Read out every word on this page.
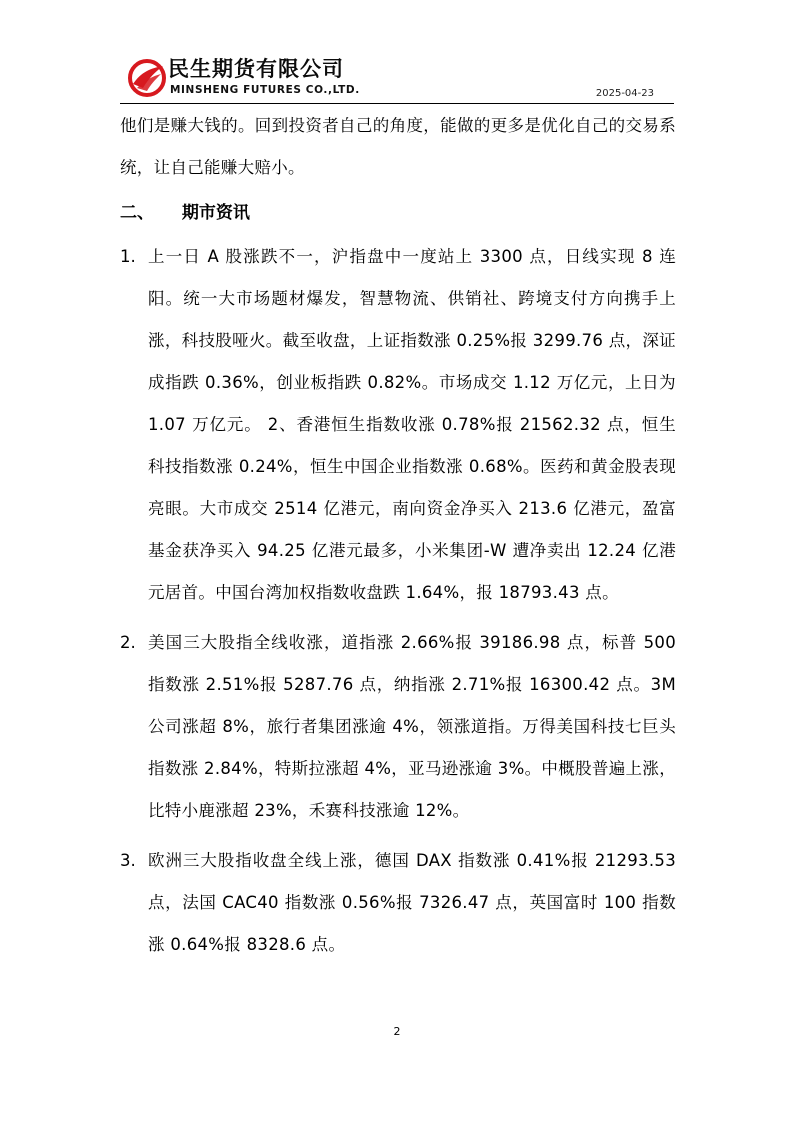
民生期货有限公司
MINSHENG FUTURES CO.,LTD.	2025-04-23

他们是赚大钱的。回到投资者自己的角度，能做的更多是优化自己的交易系统，让自己能赚大赔小。

二、 期市资讯
1. 上一日 A 股涨跌不一，沪指盘中一度站上 3300 点，日线实现 8 连阳。统一大市场题材爆发，智慧物流、供销社、跨境支付方向携手上涨，科技股哑火。截至收盘，上证指数涨 0.25%报 3299.76 点，深证成指跌 0.36%，创业板指跌 0.82%。市场成交 1.12 万亿元，上日为 1.07 万亿元。 2、香港恒生指数收涨 0.78%报 21562.32 点，恒生科技指数涨 0.24%，恒生中国企业指数涨 0.68%。医药和黄金股表现亮眼。大市成交 2514 亿港元，南向资金净买入 213.6 亿港元，盈富基金获净买入 94.25 亿港元最多，小米集团-W 遭净卖出 12.24 亿港元居首。中国台湾加权指数收盘跌 1.64%，报 18793.43 点。

2. 美国三大股指全线收涨，道指涨 2.66%报 39186.98 点，标普 500 指数涨 2.51%报 5287.76 点，纳指涨 2.71%报 16300.42 点。3M 公司涨超 8%，旅行者集团涨逾 4%，领涨道指。万得美国科技七巨头指数涨 2.84%，特斯拉涨超 4%，亚马逊涨逾 3%。中概股普遍上涨，比特小鹿涨超 23%，禾赛科技涨逾 12%。

3. 欧洲三大股指收盘全线上涨，德国 DAX 指数涨 0.41%报 21293.53 点，法国 CAC40 指数涨 0.56%报 7326.47 点，英国富时 100 指数涨 0.64%报 8328.6 点。

2
